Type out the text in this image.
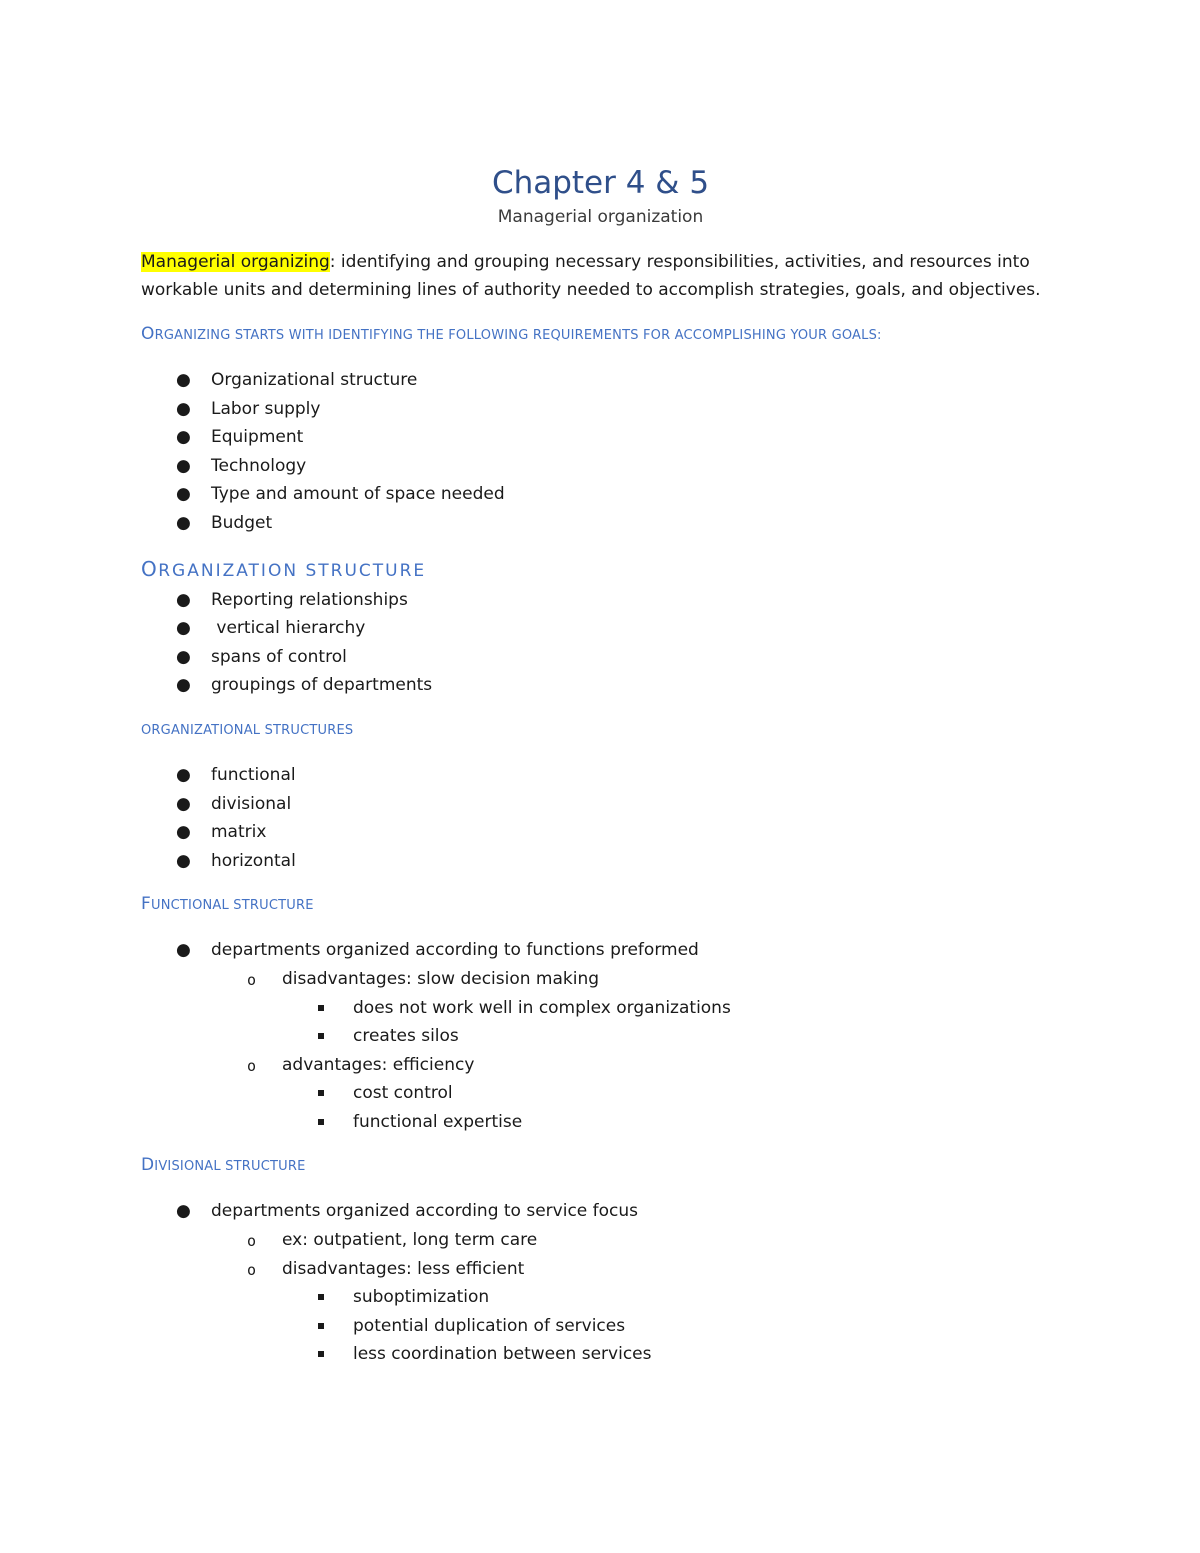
Chapter 4 & 5

Managerial organization

Managerial organizing: identifying and grouping necessary responsibilities, activities, and resources into workable units and determining lines of authority needed to accomplish strategies, goals, and objectives.

ORGANIZING STARTS WITH IDENTIFYING THE FOLLOWING REQUIREMENTS FOR ACCOMPLISHING YOUR GOALS:
● Organizational structure
● Labor supply
● Equipment
● Technology
● Type and amount of space needed
● Budget
ORGANIZATION STRUCTURE
● Reporting relationships
● vertical hierarchy
● spans of control
● groupings of departments
ORGANIZATIONAL STRUCTURES
● functional
● divisional
● matrix
● horizontal
FUNCTIONAL STRUCTURE
● departments organized according to functions preformed
o disadvantages: slow decision making
does not work well in complex organizations
creates silos
o advantages: efficiency
cost control
functional expertise
DIVISIONAL STRUCTURE
● departments organized according to service focus
o ex: outpatient, long term care
o disadvantages: less efficient
suboptimization
potential duplication of services
less coordination between services
